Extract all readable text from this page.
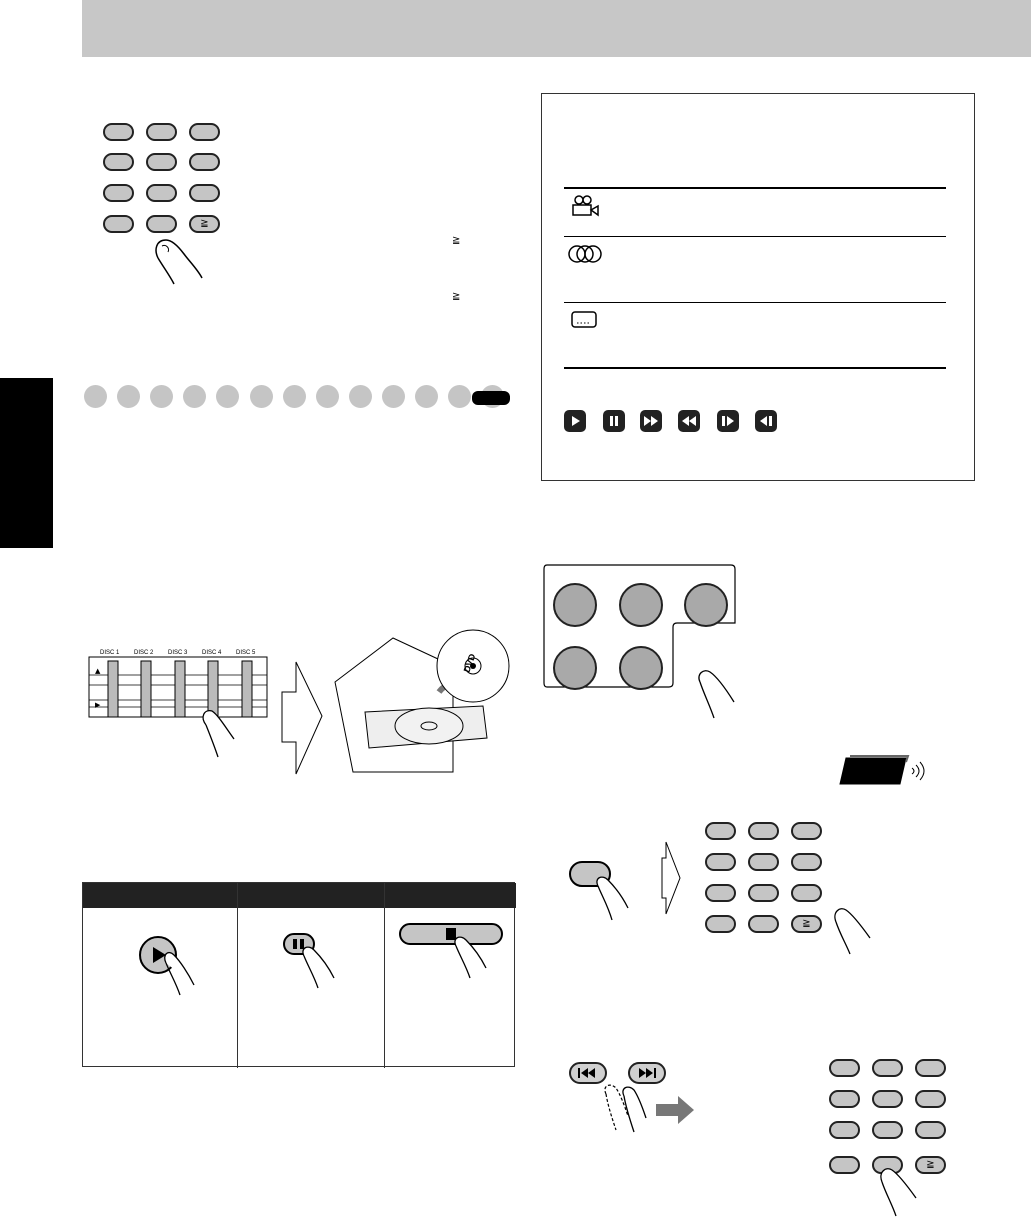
≧
≧
≧
DISC 1 DISC 2 DISC 3 DISC 4 DISC 5
▲
▶
DVD
≧
≧
